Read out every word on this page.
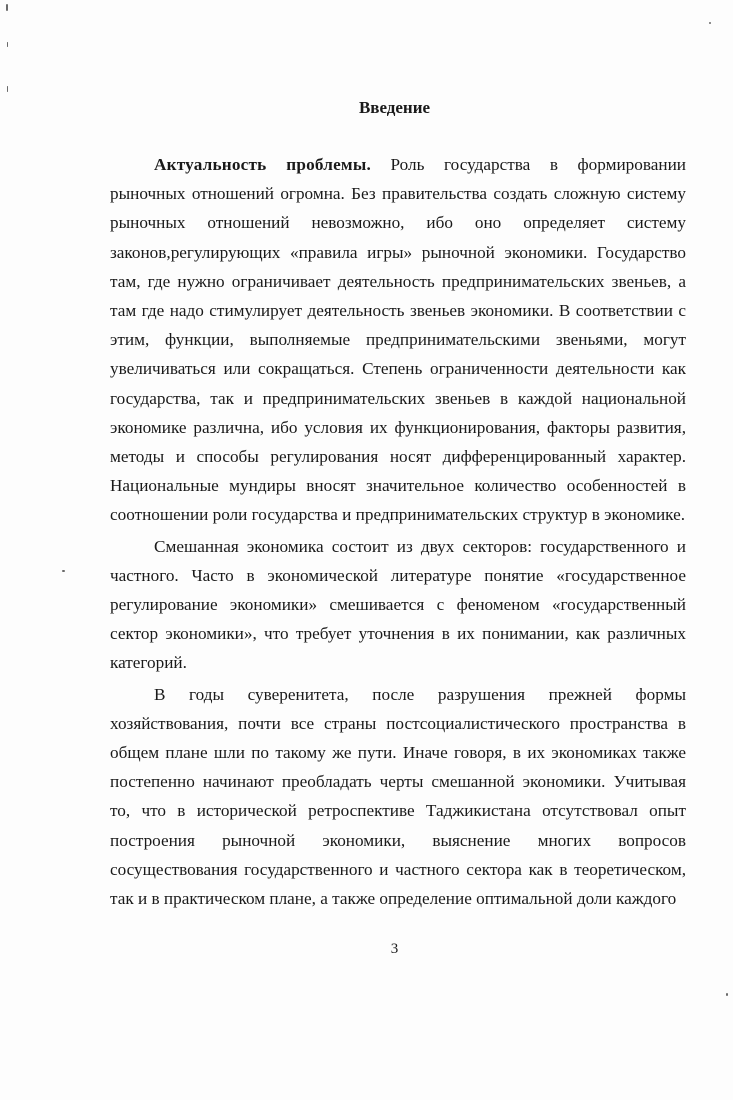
Введение

Актуальность проблемы. Роль государства в формировании рыночных отношений огромна. Без правительства создать сложную систему рыночных отношений невозможно, ибо оно определяет систему законов,регулирующих «правила игры» рыночной экономики. Государство там, где нужно ограничивает деятельность предпринимательских звеньев, а там где надо стимулирует деятельность звеньев экономики. В соответствии с этим, функции, выполняемые предпринимательскими звеньями, могут увеличиваться или сокращаться. Степень ограниченности деятельности как государства, так и предпринимательских звеньев в каждой национальной экономике различна, ибо условия их функционирования, факторы развития, методы и способы регулирования носят дифференцированный характер. Национальные мундиры вносят значительное количество особенностей в соотношении роли государства и предпринимательских структур в экономике.

Смешанная экономика состоит из двух секторов: государственного и частного. Часто в экономической литературе понятие «государственное регулирование экономики» смешивается с феноменом «государственный сектор экономики», что требует уточнения в их понимании, как различных категорий.

В годы суверенитета, после разрушения прежней формы хозяйствования, почти все страны постсоциалистического пространства в общем плане шли по такому же пути. Иначе говоря, в их экономиках также постепенно начинают преобладать черты смешанной экономики. Учитывая то, что в исторической ретроспективе Таджикистана отсутствовал опыт построения рыночной экономики, выяснение многих вопросов сосуществования государственного и частного сектора как в теоретическом, так и в практическом плане, а также определение оптимальной доли каждого

3
